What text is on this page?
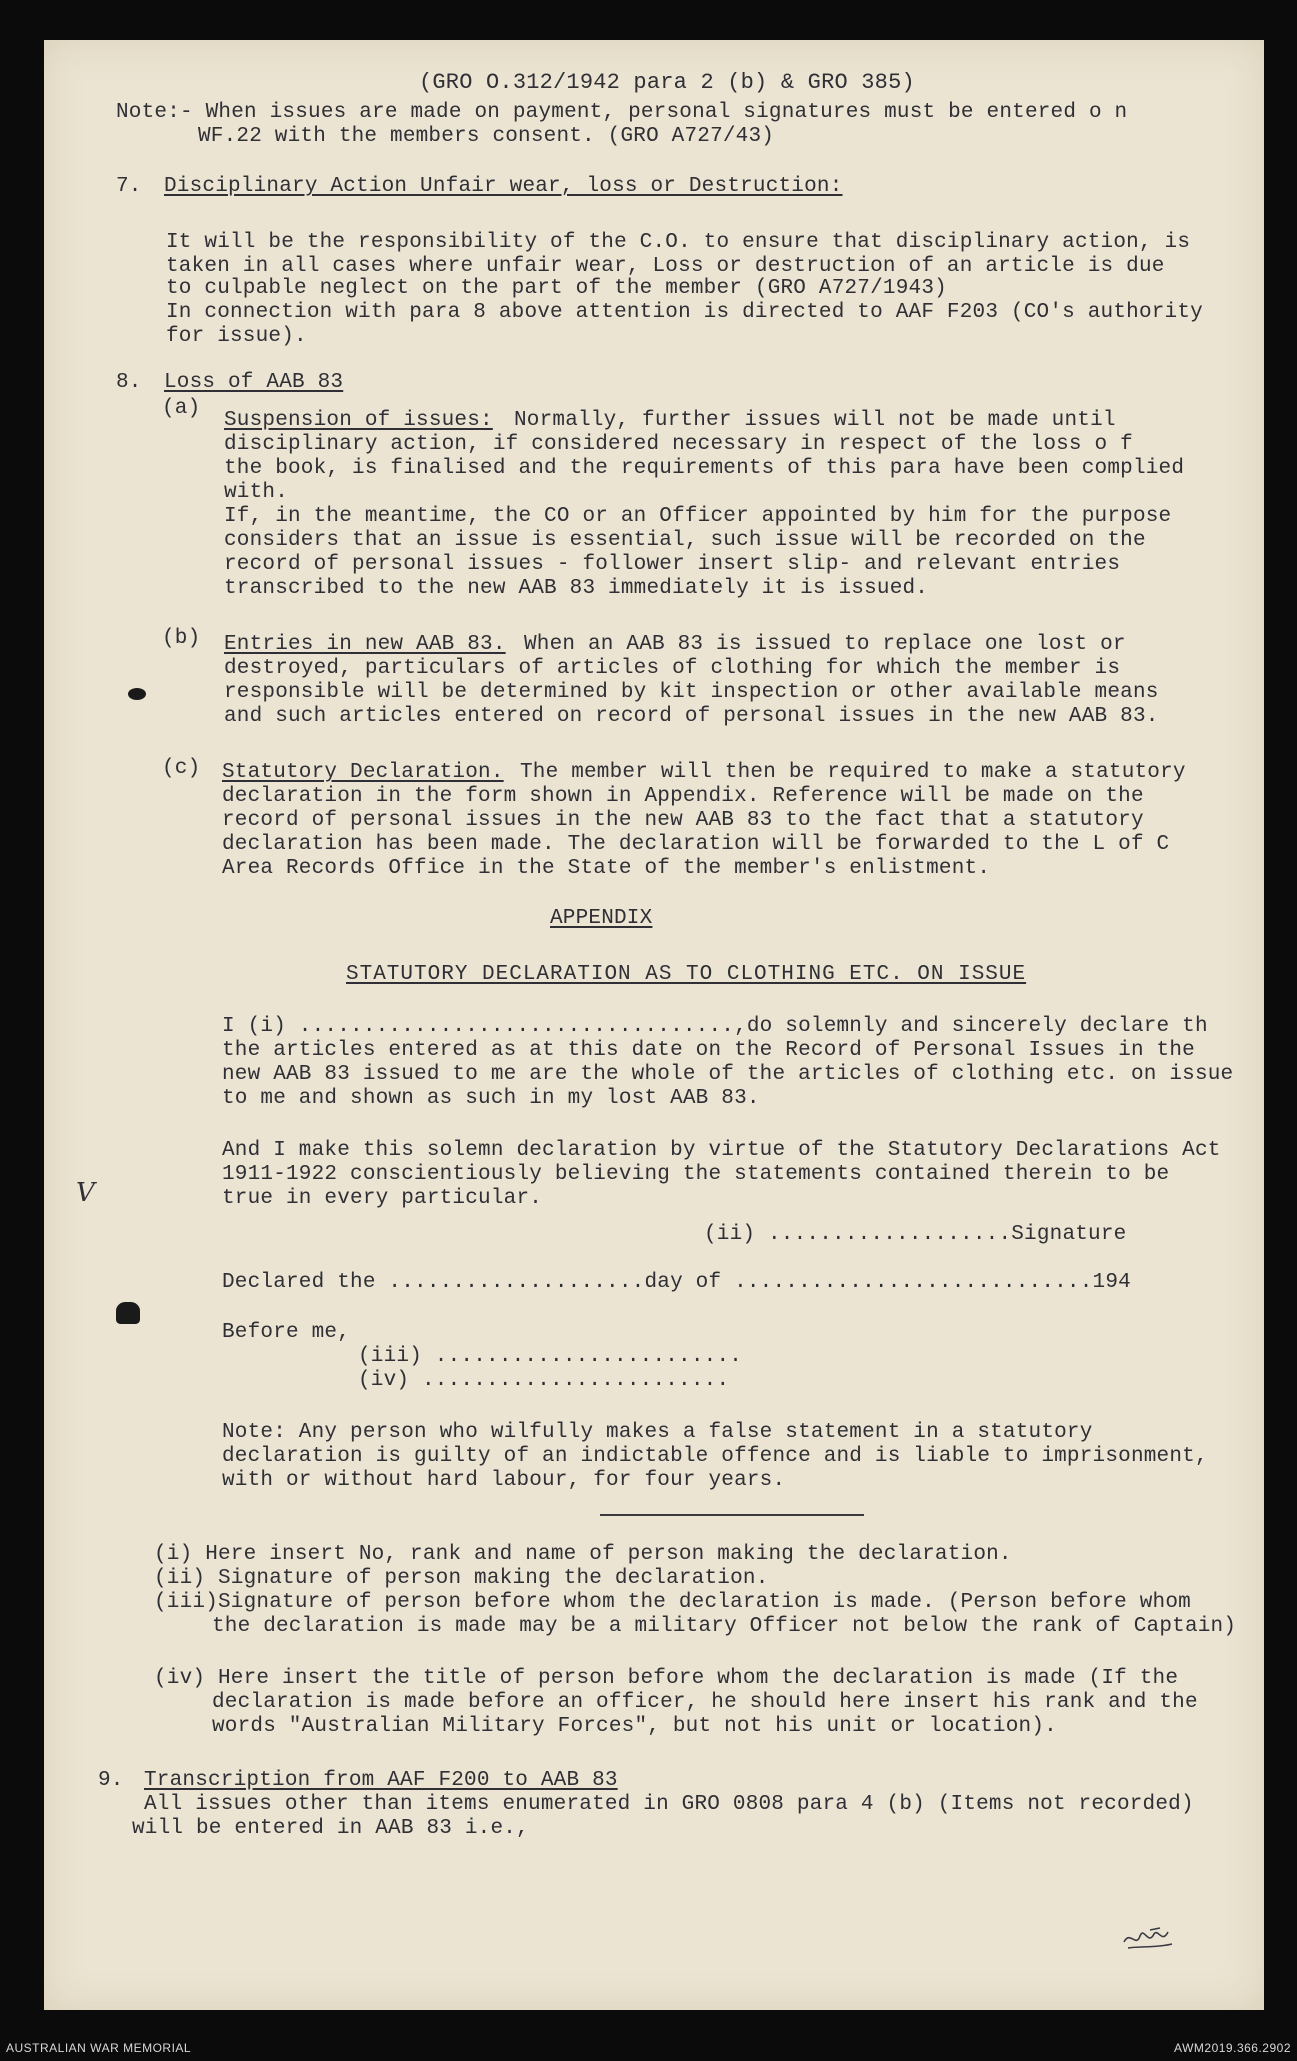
(GRO O.312/1942 para 2 (b) & GRO 385)
Note:- When issues are made on payment, personal signatures must be entered o n
WF.22 with the members consent. (GRO A727/43)
7. Disciplinary Action Unfair wear, loss or Destruction:
It will be the responsibility of the C.O. to ensure that disciplinary action, is
taken in all cases where unfair wear, Loss or destruction of an article is due
to culpable neglect on the part of the member (GRO A727/1943)
In connection with para 8 above attention is directed to AAF F203 (CO's authority
for issue).
8. Loss of AAB 83
(a)
Suspension of issues: Normally, further issues will not be made until
disciplinary action, if considered necessary in respect of the loss o f
the book, is finalised and the requirements of this para have been complied
with.
If, in the meantime, the CO or an Officer appointed by him for the purpose
considers that an issue is essential, such issue will be recorded on the
record of personal issues - follower insert slip- and relevant entries
transcribed to the new AAB 83 immediately it is issued.
(b) Entries in new AAB 83. When an AAB 83 is issued to replace one lost or
destroyed, particulars of articles of clothing for which the member is
responsible will be determined by kit inspection or other available means
and such articles entered on record of personal issues in the new AAB 83.
(c) Statutory Declaration. The member will then be required to make a statutory
declaration in the form shown in Appendix. Reference will be made on the
record of personal issues in the new AAB 83 to the fact that a statutory
declaration has been made. The declaration will be forwarded to the L of C
Area Records Office in the State of the member's enlistment.
APPENDIX
STATUTORY DECLARATION AS TO CLOTHING ETC. ON ISSUE
I (i) ..................................,do solemnly and sincerely declare th
the articles entered as at this date on the Record of Personal Issues in the
new AAB 83 issued to me are the whole of the articles of clothing etc. on issue
to me and shown as such in my lost AAB 83.
And I make this solemn declaration by virtue of the Statutory Declarations Act
1911-1922 conscientiously believing the statements contained therein to be
true in every particular.
(ii) ...................Signature
Declared the ....................day of ............................194
Before me,
(iii) ........................
(iv) ........................
Note: Any person who wilfully makes a false statement in a statutory
declaration is guilty of an indictable offence and is liable to imprisonment,
with or without hard labour, for four years.
(i) Here insert No, rank and name of person making the declaration.
(ii) Signature of person making the declaration.
(iii)Signature of person before whom the declaration is made. (Person before whom
the declaration is made may be a military Officer not below the rank of Captain)
(iv) Here insert the title of person before whom the declaration is made (If the
declaration is made before an officer, he should here insert his rank and the
words "Australian Military Forces", but not his unit or location).
9. Transcription from AAF F200 to AAB 83
All issues other than items enumerated in GRO 0808 para 4 (b) (Items not recorded)
will be entered in AAB 83 i.e.,
V
AUSTRALIAN WAR MEMORIAL	AWM2019.366.2902
